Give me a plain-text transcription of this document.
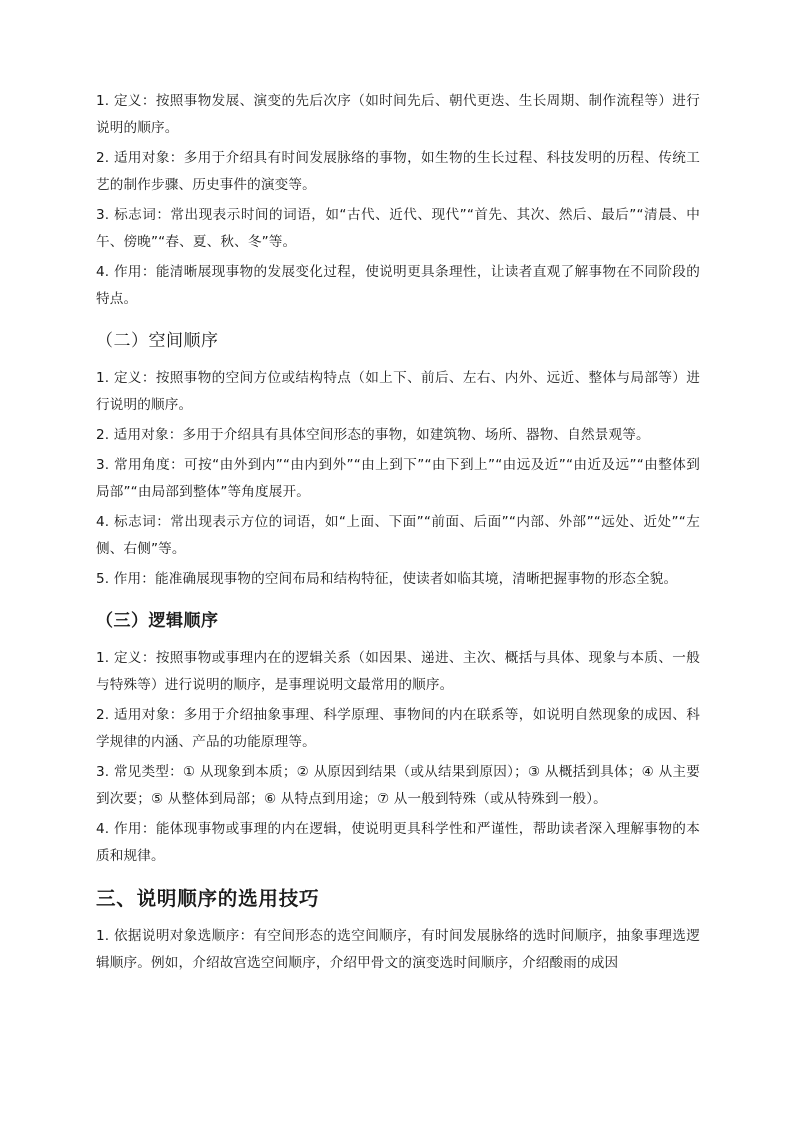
1. 定义：按照事物发展、演变的先后次序（如时间先后、朝代更迭、生长周期、制作流程等）进行说明的顺序。

2. 适用对象：多用于介绍具有时间发展脉络的事物，如生物的生长过程、科技发明的历程、传统工艺的制作步骤、历史事件的演变等。

3. 标志词：常出现表示时间的词语，如“古代、近代、现代”“首先、其次、然后、最后”“清晨、中午、傍晚”“春、夏、秋、冬”等。

4. 作用：能清晰展现事物的发展变化过程，使说明更具条理性，让读者直观了解事物在不同阶段的特点。

（二）空间顺序

1. 定义：按照事物的空间方位或结构特点（如上下、前后、左右、内外、远近、整体与局部等）进行说明的顺序。

2. 适用对象：多用于介绍具有具体空间形态的事物，如建筑物、场所、器物、自然景观等。

3. 常用角度：可按“由外到内”“由内到外”“由上到下”“由下到上”“由远及近”“由近及远”“由整体到局部”“由局部到整体”等角度展开。

4. 标志词：常出现表示方位的词语，如“上面、下面”“前面、后面”“内部、外部”“远处、近处”“左侧、右侧”等。

5. 作用：能准确展现事物的空间布局和结构特征，使读者如临其境，清晰把握事物的形态全貌。

（三）逻辑顺序

1. 定义：按照事物或事理内在的逻辑关系（如因果、递进、主次、概括与具体、现象与本质、一般与特殊等）进行说明的顺序，是事理说明文最常用的顺序。

2. 适用对象：多用于介绍抽象事理、科学原理、事物间的内在联系等，如说明自然现象的成因、科学规律的内涵、产品的功能原理等。

3. 常见类型：① 从现象到本质；② 从原因到结果（或从结果到原因）；③ 从概括到具体；④ 从主要到次要；⑤ 从整体到局部；⑥ 从特点到用途；⑦ 从一般到特殊（或从特殊到一般）。

4. 作用：能体现事物或事理的内在逻辑，使说明更具科学性和严谨性，帮助读者深入理解事物的本质和规律。

三、说明顺序的选用技巧

1. 依据说明对象选顺序：有空间形态的选空间顺序，有时间发展脉络的选时间顺序，抽象事理选逻辑顺序。例如，介绍故宫选空间顺序，介绍甲骨文的演变选时间顺序，介绍酸雨的成因
